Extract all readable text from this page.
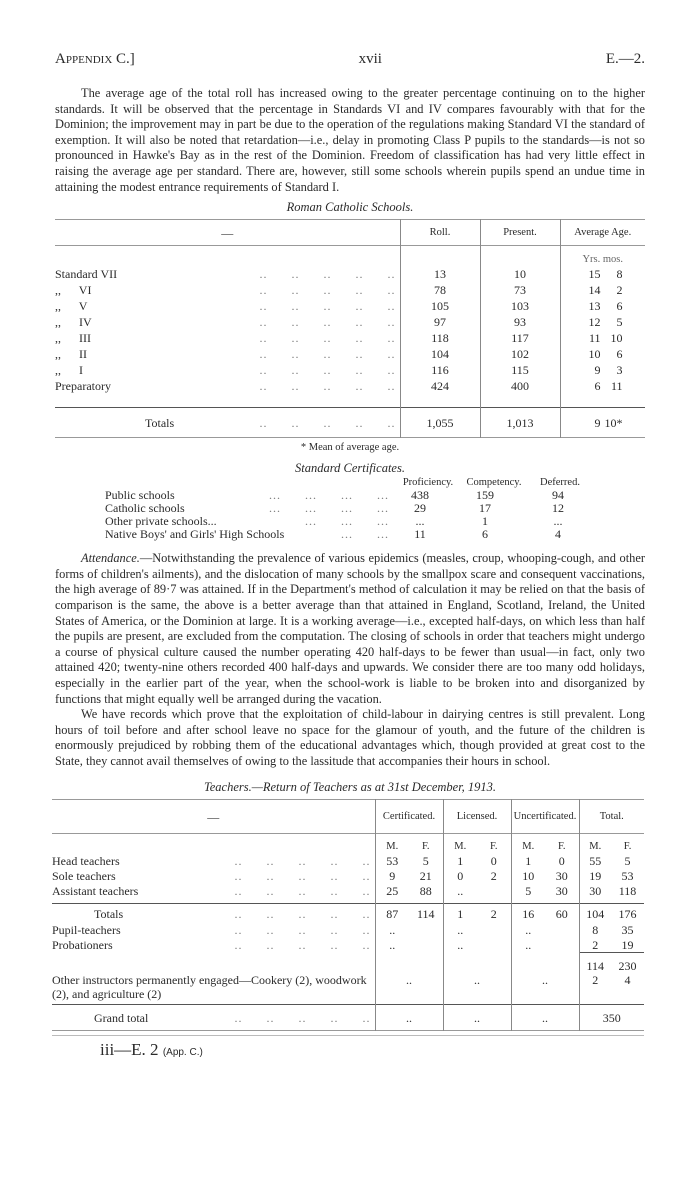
Appendix C.]	xvii	E.—2.

The average age of the total roll has increased owing to the greater percentage continuing on to the higher standards. It will be observed that the percentage in Standards VI and IV compares favourably with that for the Dominion; the improvement may in part be due to the operation of the regulations making Standard VI the standard of exemption. It will also be noted that retardation—i.e., delay in promoting Class P pupils to the standards—is not so pronounced in Hawke's Bay as in the rest of the Dominion. Freedom of classification has had very little effect in raising the average age per standard. There are, however, still some schools wherein pupils spend an undue time in attaining the modest entrance requirements of Standard I.

Roman Catholic Schools.
—	Roll.	Present.	Average Age.
			Yrs. mos.
Standard VII ..      ..      ..      ..      ..	13	10	15 8
,,      VI ..      ..      ..      ..      ..	78	73	14 2
,,      V ..      ..      ..      ..      ..	105	103	13 6
,,      IV ..      ..      ..      ..      ..	97	93	12 5
,,      III ..      ..      ..      ..      ..	118	117	11 10
,,      II ..      ..      ..      ..      ..	104	102	10 6
,,      I ..      ..      ..      ..      ..	116	115	9 3
Preparatory ..      ..      ..      ..      ..	424	400	6 11

Totals ..      ..      ..      ..      ..	1,055	1,013	9 10*
* Mean of average age.
Standard Certificates.
Proficiency.	Competency.	Deferred.
Public schools	...      ...      ...      ...	438	159	94
Catholic schools	...      ...      ...      ...	29	17	12
Other private schools...	...      ...      ...	...	1	...
Native Boys' and Girls' High Schools	...      ...	11	6	4

Attendance.—Notwithstanding the prevalence of various epidemics (measles, croup, whooping-cough, and other forms of children's ailments), and the dislocation of many schools by the smallpox scare and consequent vaccinations, the high average of 89·7 was attained. If in the Department's method of calculation it may be relied on that the basis of comparison is the same, the above is a better average than that attained in England, Scotland, Ireland, the United States of America, or the Dominion at large. It is a working average—i.e., excepted half-days, on which less than half the pupils are present, are excluded from the computation. The closing of schools in order that teachers might undergo a course of physical culture caused the number operating 420 half-days to be fewer than usual—in fact, only two attained 420; twenty-nine others recorded 400 half-days and upwards. We consider there are too many odd holidays, especially in the earlier part of the year, when the school-work is liable to be broken into and disorganized by functions that might equally well be arranged during the vacation.

We have records which prove that the exploitation of child-labour in dairying centres is still prevalent. Long hours of toil before and after school leave no space for the glamour of youth, and the future of the children is enormously prejudiced by robbing them of the educational advantages which, though provided at great cost to the State, they cannot avail themselves of owing to the lassitude that accompanies their hours in school.

Teachers.—Return of Teachers as at 31st December, 1913.
—	Certificated.		Licensed.		Uncertificated.		Total.	
	M.	F.	M.	F.	M.	F.	M.	F.
Head teachers ..      ..      ..      ..      ..	53	5	1	0	1	0	55	5
Sole teachers ..      ..      ..      ..      ..	9	21	0	2	10	30	19	53
Assistant teachers ..      ..      ..      ..      ..	25	88	..		5	30	30	118

Totals ..      ..      ..      ..      ..	87	114	1	2	16	60	104	176
Pupil-teachers ..      ..      ..      ..      ..	..		..		..		8	35
Probationers ..      ..      ..      ..      ..	..		..		..		2	19
							114	230
Other instructors permanently engaged—Cookery (2), woodwork (2), and agriculture (2)	..		..		..		2	4
Grand total ..      ..      ..      ..      ..	..		..		..		350	
iii—E. 2 (App. C.)
